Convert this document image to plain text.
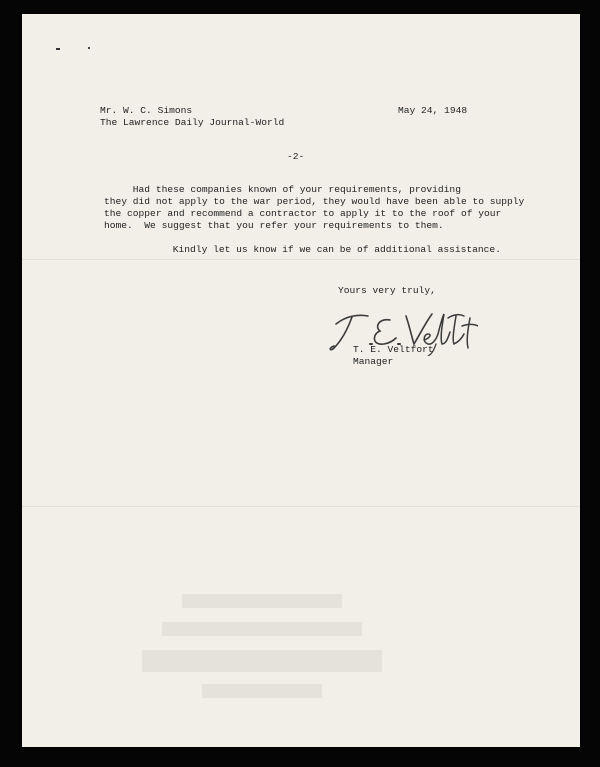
Mr. W. C. Simons
The Lawrence Daily Journal-World
May 24, 1948
-2-
Had these companies known of your requirements, providing
they did not apply to the war period, they would have been able to supply
the copper and recommend a contractor to apply it to the roof of your
home.  We suggest that you refer your requirements to them.
Kindly let us know if we can be of additional assistance.
Yours very truly,
T. E. Veltfort
Manager
